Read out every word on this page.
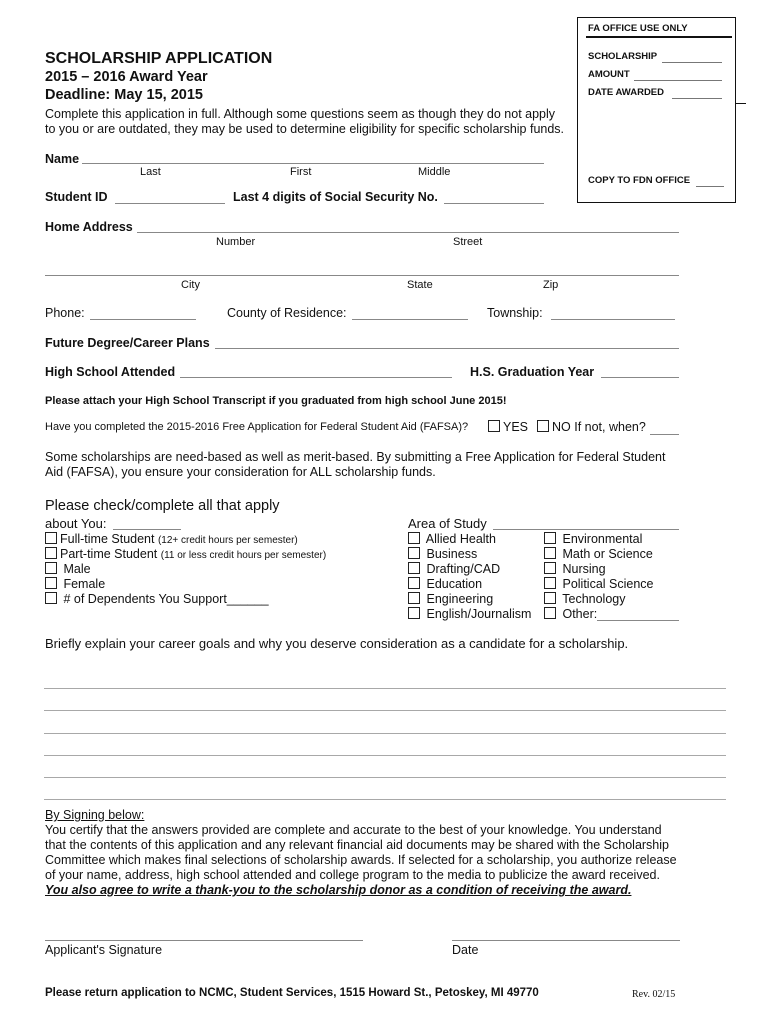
FA OFFICE USE ONLY
SCHOLARSHIP
AMOUNT
DATE AWARDED
COPY TO FDN OFFICE
SCHOLARSHIP APPLICATION
2015 – 2016 Award Year
Deadline: May 15, 2015
Complete this application in full. Although some questions seem as though they do not apply
to you or are outdated, they may be used to determine eligibility for specific scholarship funds.
Name
Last	First	Middle
Student ID	Last 4 digits of Social Security No.
Home Address
Number	Street
City	State	Zip
Phone:	County of Residence:	Township:
Future Degree/Career Plans
High School Attended	H.S. Graduation Year
Please attach your High School Transcript if you graduated from high school June 2015!
Have you completed the 2015-2016 Free Application for Federal Student Aid (FAFSA)?	YES	NO If not, when?
Some scholarships are need-based as well as merit-based. By submitting a Free Application for Federal Student
Aid (FAFSA), you ensure your consideration for ALL scholarship funds.
Please check/complete all that apply
about You:
Full-time Student (12+ credit hours per semester)
Part-time Student (11 or less credit hours per semester)
Male
Female
# of Dependents You Support______
Area of Study
Allied Health
Business
Drafting/CAD
Education
Engineering
English/Journalism
Environmental
Math or Science
Nursing
Political Science
Technology
Other:
Briefly explain your career goals and why you deserve consideration as a candidate for a scholarship.
By Signing below:
You certify that the answers provided are complete and accurate to the best of your knowledge. You understand
that the contents of this application and any relevant financial aid documents may be shared with the Scholarship
Committee which makes final selections of scholarship awards. If selected for a scholarship, you authorize release
of your name, address, high school attended and college program to the media to publicize the award received.
You also agree to write a thank-you to the scholarship donor as a condition of receiving the award.
Applicant's Signature	Date
Please return application to NCMC, Student Services, 1515 Howard St., Petoskey, MI 49770	Rev. 02/15
